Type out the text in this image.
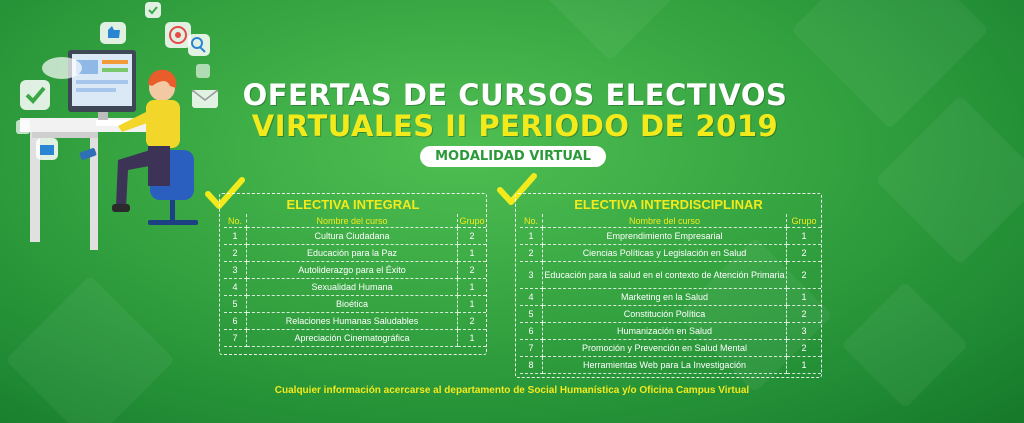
OFERTAS DE CURSOS ELECTIVOS
VIRTUALES II PERIODO DE 2019
MODALIDAD VIRTUAL
ELECTIVA INTEGRAL
No.	Nombre del curso	Grupo
1	Cultura Ciudadana	2
2	Educación para la Paz	1
3	Autoliderazgo para el Éxito	2
4	Sexualidad Humana	1
5	Bioética	1
6	Relaciones Humanas Saludables	2
7	Apreciación Cinematográfica	1
ELECTIVA INTERDISCIPLINAR
No.	Nombre del curso	Grupo
1	Emprendimiento Empresarial	1
2	Ciencias Políticas y Legislación en Salud	2
3	Educación para la salud en el contexto de Atención Primaria	2
4	Marketing en la Salud	1
5	Constitución Política	2
6	Humanización en Salud	3
7	Promoción y Prevención en Salud Mental	2
8	Herramientas Web para La Investigación	1
Cualquier información acercarse al departamento de Social Humanística y/o Oficina Campus Virtual
